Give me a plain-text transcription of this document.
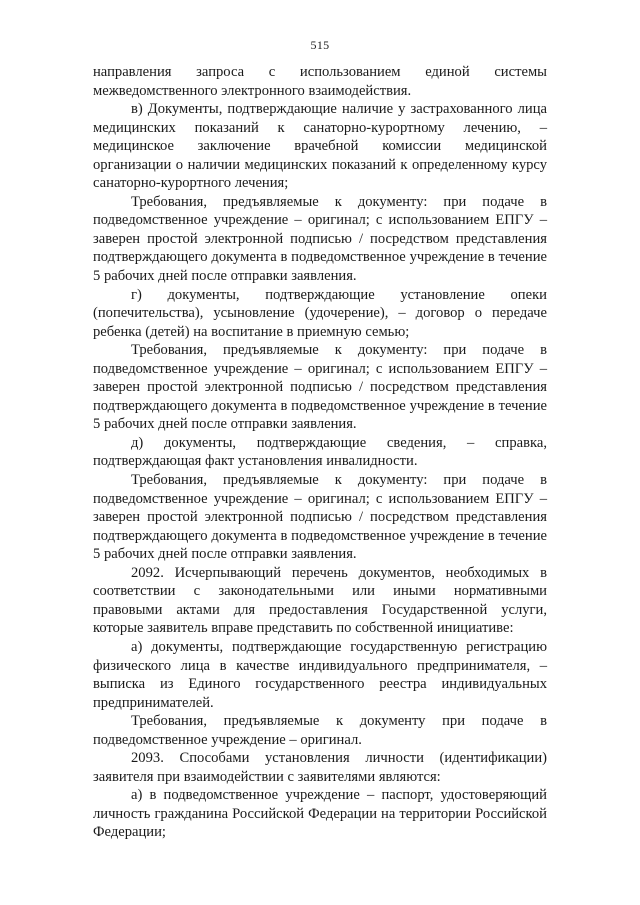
515

направления запроса с использованием единой системы межведомственного электронного взаимодействия.

в) Документы, подтверждающие наличие у застрахованного лица медицинских показаний к санаторно-курортному лечению, – медицинское заключение врачебной комиссии медицинской организации о наличии медицинских показаний к определенному курсу санаторно-курортного лечения;

Требования, предъявляемые к документу: при подаче в подведомственное учреждение – оригинал; с использованием ЕПГУ – заверен простой электронной подписью / посредством представления подтверждающего документа в подведомственное учреждение в течение 5 рабочих дней после отправки заявления.

г) документы, подтверждающие установление опеки (попечительства), усыновление (удочерение), – договор о передаче ребенка (детей) на воспитание в приемную семью;

Требования, предъявляемые к документу: при подаче в подведомственное учреждение – оригинал; с использованием ЕПГУ – заверен простой электронной подписью / посредством представления подтверждающего документа в подведомственное учреждение в течение 5 рабочих дней после отправки заявления.

д) документы, подтверждающие сведения, – справка, подтверждающая факт установления инвалидности.

Требования, предъявляемые к документу: при подаче в подведомственное учреждение – оригинал; с использованием ЕПГУ – заверен простой электронной подписью / посредством представления подтверждающего документа в подведомственное учреждение в течение 5 рабочих дней после отправки заявления.

2092. Исчерпывающий перечень документов, необходимых в соответствии с законодательными или иными нормативными правовыми актами для предоставления Государственной услуги, которые заявитель вправе представить по собственной инициативе:

а) документы, подтверждающие государственную регистрацию физического лица в качестве индивидуального предпринимателя, – выписка из Единого государственного реестра индивидуальных предпринимателей.

Требования, предъявляемые к документу при подаче в подведомственное учреждение – оригинал.

2093. Способами установления личности (идентификации) заявителя при взаимодействии с заявителями являются:

а) в подведомственное учреждение – паспорт, удостоверяющий личность гражданина Российской Федерации на территории Российской Федерации;
